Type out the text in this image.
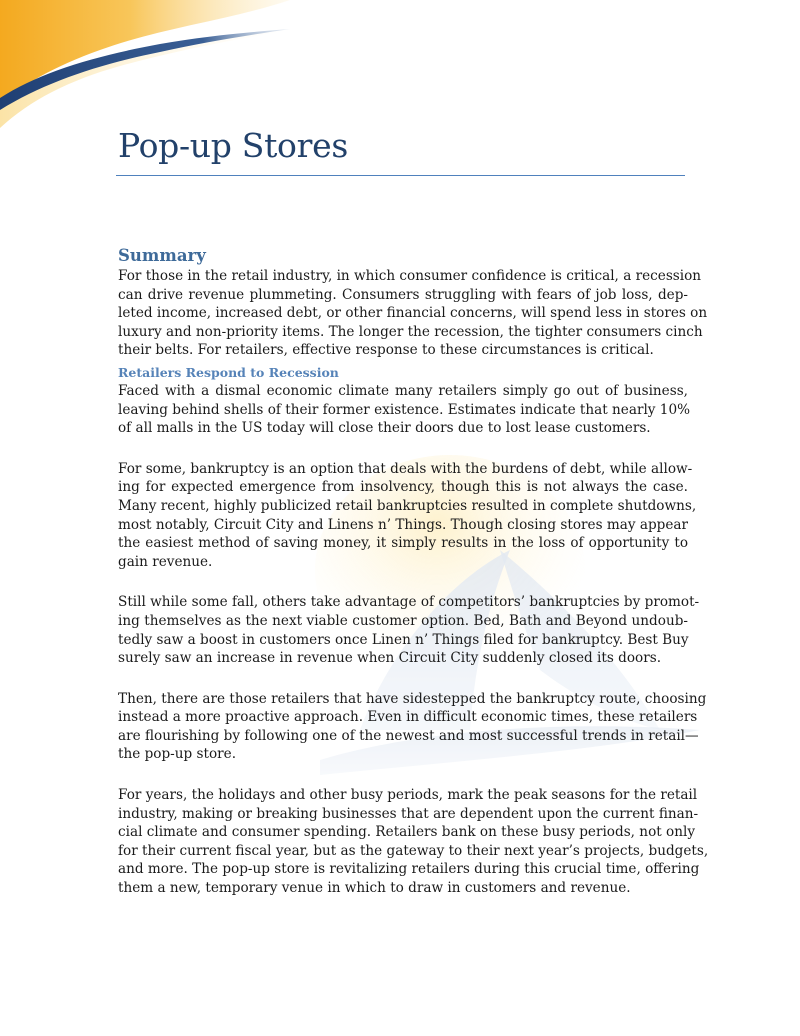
Pop-up Stores
Summary

For those in the retail industry, in which consumer confidence is critical, a recession
can drive revenue plummeting. Consumers struggling with fears of job loss, dep-
leted income, increased debt, or other financial concerns, will spend less in stores on
luxury and non-priority items. The longer the recession, the tighter consumers cinch
their belts. For retailers, effective response to these circumstances is critical.

Retailers Respond to Recession

Faced with a dismal economic climate many retailers simply go out of business,
leaving behind shells of their former existence. Estimates indicate that nearly 10%
of all malls in the US today will close their doors due to lost lease customers.

For some, bankruptcy is an option that deals with the burdens of debt, while allow-
ing for expected emergence from insolvency, though this is not always the case.
Many recent, highly publicized retail bankruptcies resulted in complete shutdowns,
most notably, Circuit City and Linens n’ Things. Though closing stores may appear
the easiest method of saving money, it simply results in the loss of opportunity to
gain revenue.

Still while some fall, others take advantage of competitors’ bankruptcies by promot-
ing themselves as the next viable customer option. Bed, Bath and Beyond undoub-
tedly saw a boost in customers once Linen n’ Things filed for bankruptcy. Best Buy
surely saw an increase in revenue when Circuit City suddenly closed its doors.

Then, there are those retailers that have sidestepped the bankruptcy route, choosing
instead a more proactive approach. Even in difficult economic times, these retailers
are flourishing by following one of the newest and most successful trends in retail—
the pop-up store.

For years, the holidays and other busy periods, mark the peak seasons for the retail
industry, making or breaking businesses that are dependent upon the current finan-
cial climate and consumer spending. Retailers bank on these busy periods, not only
for their current fiscal year, but as the gateway to their next year’s projects, budgets,
and more. The pop-up store is revitalizing retailers during this crucial time, offering
them a new, temporary venue in which to draw in customers and revenue.
